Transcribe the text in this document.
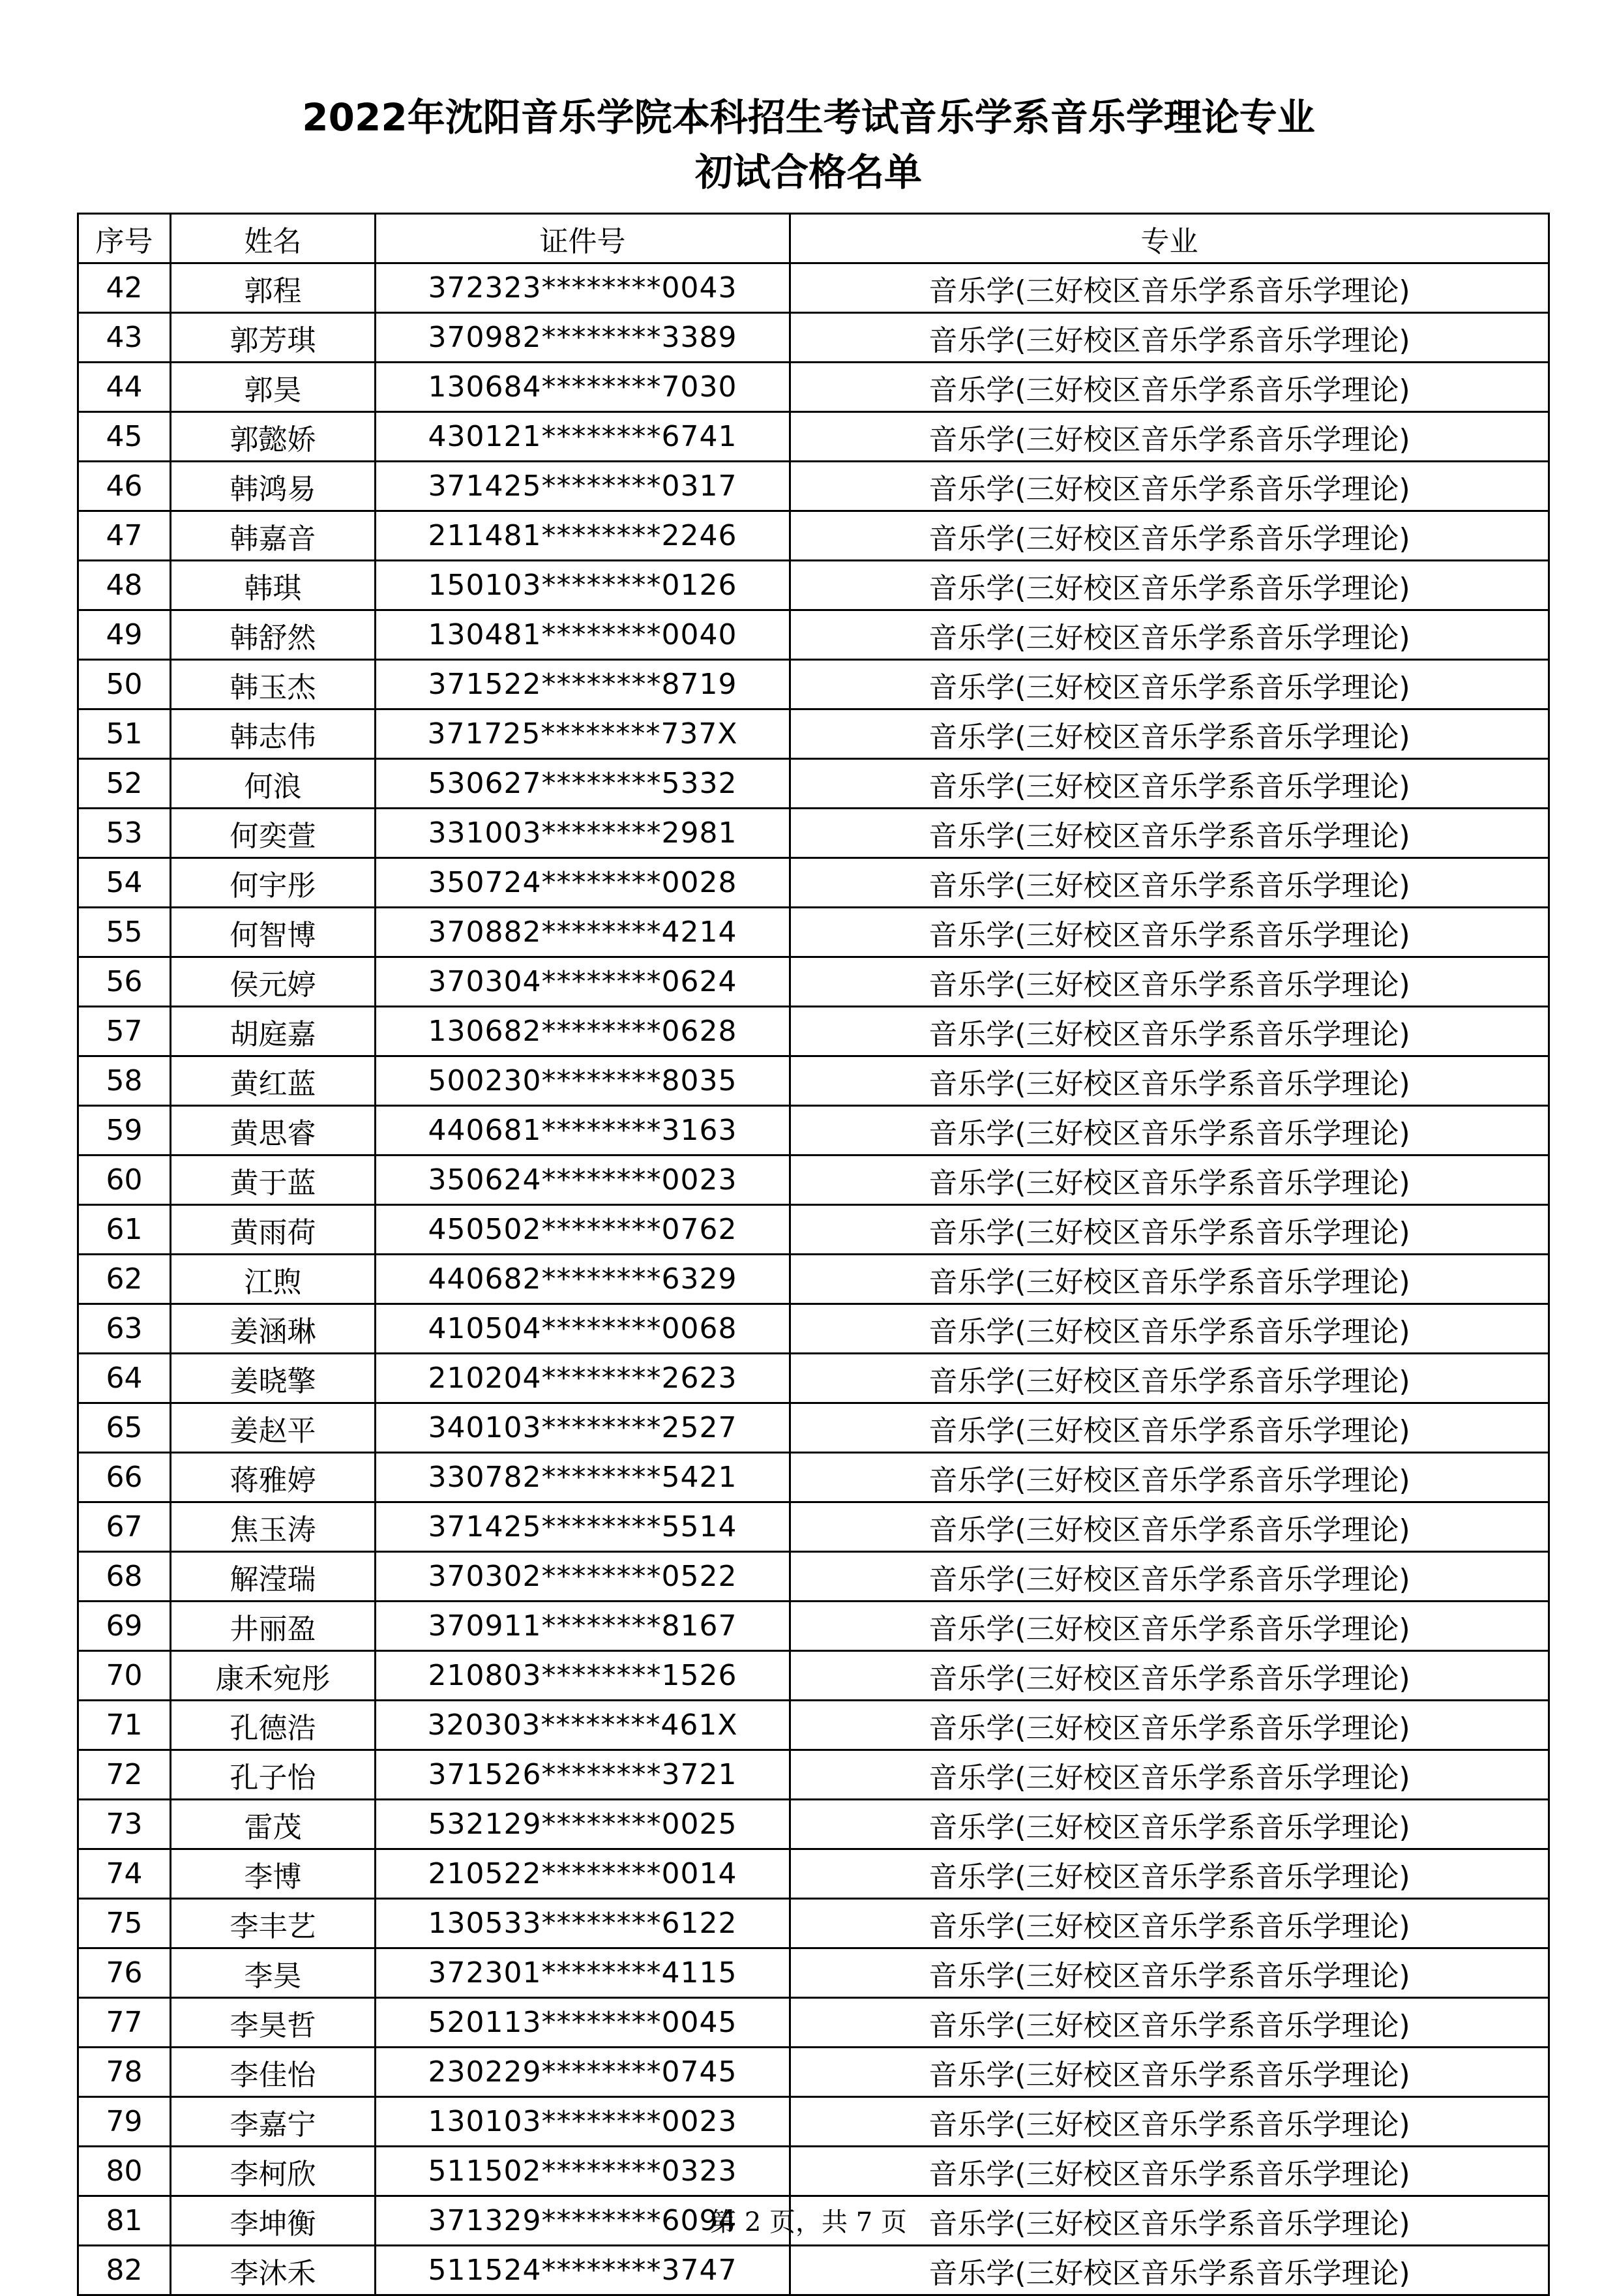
2022年沈阳音乐学院本科招生考试音乐学系音乐学理论专业
初试合格名单
序号	姓名	证件号	专业
42	郭程	372323********0043	音乐学(三好校区音乐学系音乐学理论)
43	郭芳琪	370982********3389	音乐学(三好校区音乐学系音乐学理论)
44	郭昊	130684********7030	音乐学(三好校区音乐学系音乐学理论)
45	郭懿娇	430121********6741	音乐学(三好校区音乐学系音乐学理论)
46	韩鸿易	371425********0317	音乐学(三好校区音乐学系音乐学理论)
47	韩嘉音	211481********2246	音乐学(三好校区音乐学系音乐学理论)
48	韩琪	150103********0126	音乐学(三好校区音乐学系音乐学理论)
49	韩舒然	130481********0040	音乐学(三好校区音乐学系音乐学理论)
50	韩玉杰	371522********8719	音乐学(三好校区音乐学系音乐学理论)
51	韩志伟	371725********737X	音乐学(三好校区音乐学系音乐学理论)
52	何浪	530627********5332	音乐学(三好校区音乐学系音乐学理论)
53	何奕萱	331003********2981	音乐学(三好校区音乐学系音乐学理论)
54	何宇彤	350724********0028	音乐学(三好校区音乐学系音乐学理论)
55	何智博	370882********4214	音乐学(三好校区音乐学系音乐学理论)
56	侯元婷	370304********0624	音乐学(三好校区音乐学系音乐学理论)
57	胡庭嘉	130682********0628	音乐学(三好校区音乐学系音乐学理论)
58	黄红蓝	500230********8035	音乐学(三好校区音乐学系音乐学理论)
59	黄思睿	440681********3163	音乐学(三好校区音乐学系音乐学理论)
60	黄于蓝	350624********0023	音乐学(三好校区音乐学系音乐学理论)
61	黄雨荷	450502********0762	音乐学(三好校区音乐学系音乐学理论)
62	江煦	440682********6329	音乐学(三好校区音乐学系音乐学理论)
63	姜涵琳	410504********0068	音乐学(三好校区音乐学系音乐学理论)
64	姜晓擎	210204********2623	音乐学(三好校区音乐学系音乐学理论)
65	姜赵平	340103********2527	音乐学(三好校区音乐学系音乐学理论)
66	蒋雅婷	330782********5421	音乐学(三好校区音乐学系音乐学理论)
67	焦玉涛	371425********5514	音乐学(三好校区音乐学系音乐学理论)
68	解滢瑞	370302********0522	音乐学(三好校区音乐学系音乐学理论)
69	井丽盈	370911********8167	音乐学(三好校区音乐学系音乐学理论)
70	康禾宛彤	210803********1526	音乐学(三好校区音乐学系音乐学理论)
71	孔德浩	320303********461X	音乐学(三好校区音乐学系音乐学理论)
72	孔子怡	371526********3721	音乐学(三好校区音乐学系音乐学理论)
73	雷茂	532129********0025	音乐学(三好校区音乐学系音乐学理论)
74	李博	210522********0014	音乐学(三好校区音乐学系音乐学理论)
75	李丰艺	130533********6122	音乐学(三好校区音乐学系音乐学理论)
76	李昊	372301********4115	音乐学(三好校区音乐学系音乐学理论)
77	李昊哲	520113********0045	音乐学(三好校区音乐学系音乐学理论)
78	李佳怡	230229********0745	音乐学(三好校区音乐学系音乐学理论)
79	李嘉宁	130103********0023	音乐学(三好校区音乐学系音乐学理论)
80	李柯欣	511502********0323	音乐学(三好校区音乐学系音乐学理论)
81	李坤衡	371329********6094	音乐学(三好校区音乐学系音乐学理论)
82	李沐禾	511524********3747	音乐学(三好校区音乐学系音乐学理论)
第 2 页，共 7 页
